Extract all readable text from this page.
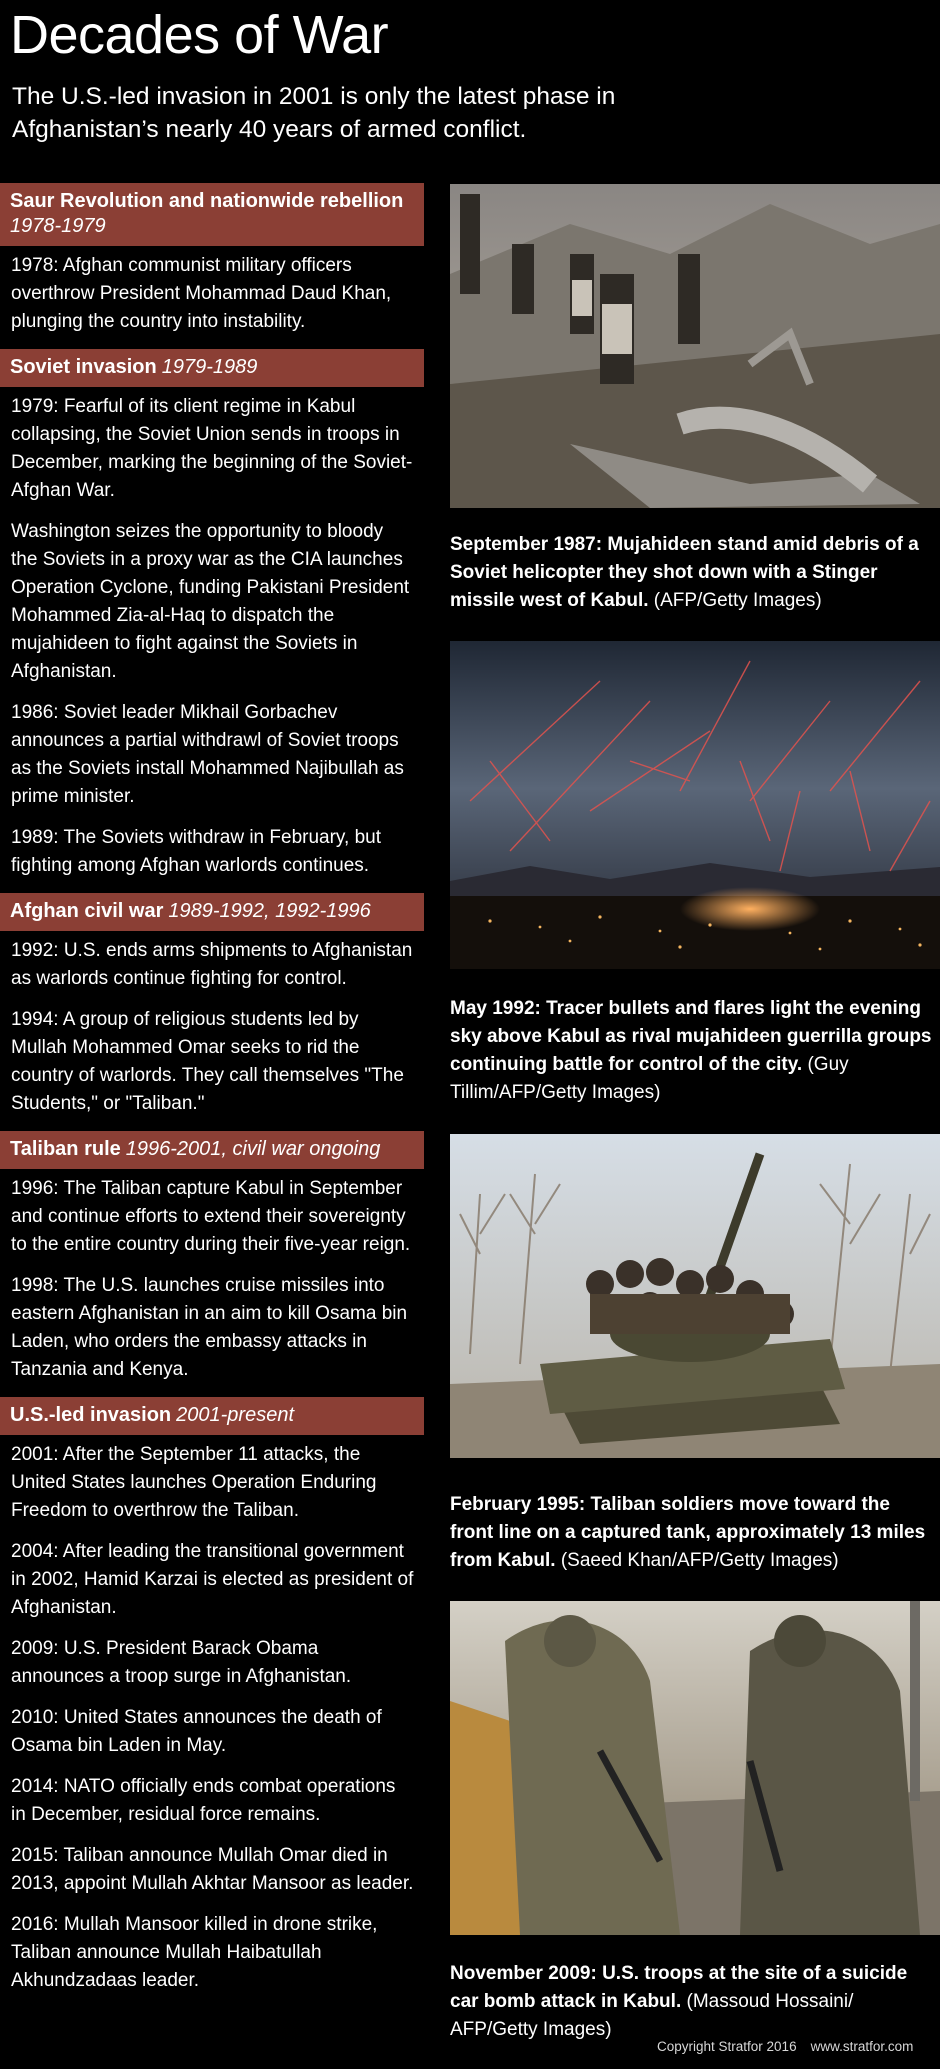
Decades of War

The U.S.-led invasion in 2001 is only the latest phase in Afghanistan’s nearly 40 years of armed conflict.

Saur Revolution and nationwide rebellion
1978-1979

1978: Afghan communist military officers overthrow President Mohammad Daud Khan, plunging the country into instability.

Soviet invasion 1979-1989

1979: Fearful of its client regime in Kabul collapsing, the Soviet Union sends in troops in December, marking the beginning of the Soviet-Afghan War.

Washington seizes the opportunity to bloody the Soviets in a proxy war as the CIA launches Operation Cyclone, funding Pakistani President Mohammed Zia-al-Haq to dispatch the mujahideen to fight against the Soviets in Afghanistan.

1986: Soviet leader Mikhail Gorbachev announces a partial withdrawl of Soviet troops as the Soviets install Mohammed Najibullah as prime minister.

1989: The Soviets withdraw in February, but fighting among Afghan warlords continues.

Afghan civil war 1989-1992, 1992-1996

1992: U.S. ends arms shipments to Afghanistan as warlords continue fighting for control.

1994: A group of religious students led by Mullah Mohammed Omar seeks to rid the country of warlords. They call themselves "The Students," or "Taliban."

Taliban rule 1996-2001, civil war ongoing

1996: The Taliban capture Kabul in September and continue efforts to extend their sovereignty to the entire country during their five-year reign.

1998: The U.S. launches cruise missiles into eastern Afghanistan in an aim to kill Osama bin Laden, who orders the embassy attacks in Tanzania and Kenya.

U.S.-led invasion 2001-present

2001: After the September 11 attacks, the United States launches Operation Enduring Freedom to overthrow the Taliban.

2004: After leading the transitional government in 2002, Hamid Karzai is elected as president of Afghanistan.

2009: U.S. President Barack Obama announces a troop surge in Afghanistan.

2010: United States announces the death of Osama bin Laden in May.

2014: NATO officially ends combat operations in December, residual force remains.

2015: Taliban announce Mullah Omar died in 2013, appoint Mullah Akhtar Mansoor as leader.

2016: Mullah Mansoor killed in drone strike, Taliban announce Mullah Haibatullah Akhundzadaas leader.

September 1987: Mujahideen stand amid debris of a Soviet helicopter they shot down with a Stinger missile west of Kabul. (AFP/Getty Images)

May 1992: Tracer bullets and flares light the evening sky above Kabul as rival mujahideen guerrilla groups continuing battle for control of the city. (Guy Tillim/AFP/Getty Images)

February 1995: Taliban soldiers move toward the front line on a captured tank, approximately 13 miles from Kabul. (Saeed Khan/AFP/Getty Images)

November 2009: U.S. troops at the site of a suicide car bomb attack in Kabul. (Massoud Hossaini/ AFP/Getty Images)

Copyright Stratfor 2016 www.stratfor.com
